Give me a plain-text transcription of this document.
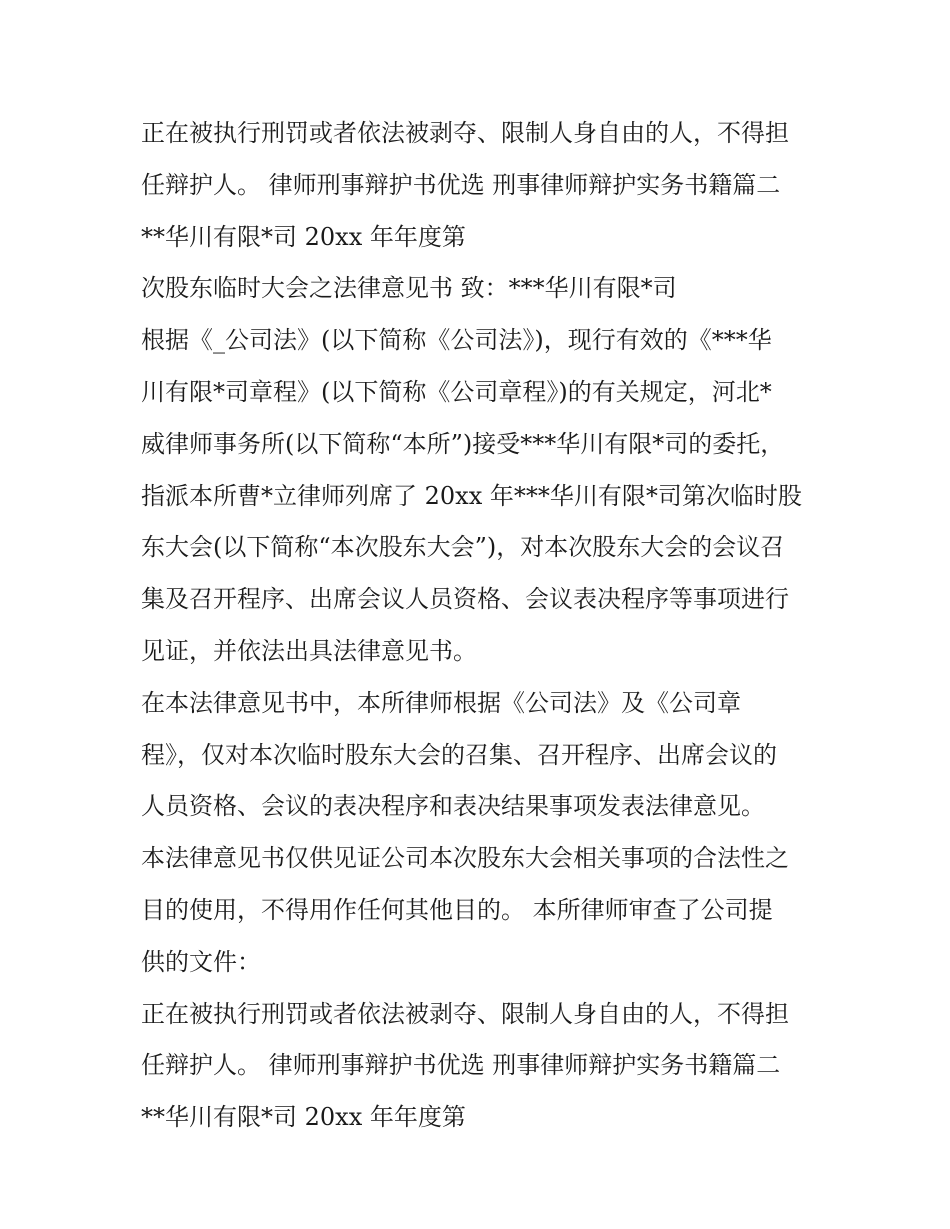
正在被执行刑罚或者依法被剥夺、限制人身自由的人，不得担
任辩护人。 律师刑事辩护书优选 刑事律师辩护实务书籍篇二
**华川有限*司 20xx 年年度第
次股东临时大会之法律意见书 致：***华川有限*司
根据《_公司法》(以下简称《公司法》)，现行有效的《***华
川有限*司章程》(以下简称《公司章程》)的有关规定，河北*
威律师事务所(以下简称“本所”)接受***华川有限*司的委托，
指派本所曹*立律师列席了 20xx 年***华川有限*司第次临时股
东大会(以下简称“本次股东大会”)，对本次股东大会的会议召
集及召开程序、出席会议人员资格、会议表决程序等事项进行
见证，并依法出具法律意见书。
在本法律意见书中，本所律师根据《公司法》及《公司章
程》，仅对本次临时股东大会的召集、召开程序、出席会议的
人员资格、会议的表决程序和表决结果事项发表法律意见。
本法律意见书仅供见证公司本次股东大会相关事项的合法性之
目的使用，不得用作任何其他目的。 本所律师审查了公司提
供的文件：
正在被执行刑罚或者依法被剥夺、限制人身自由的人，不得担
任辩护人。 律师刑事辩护书优选 刑事律师辩护实务书籍篇二
**华川有限*司 20xx 年年度第
